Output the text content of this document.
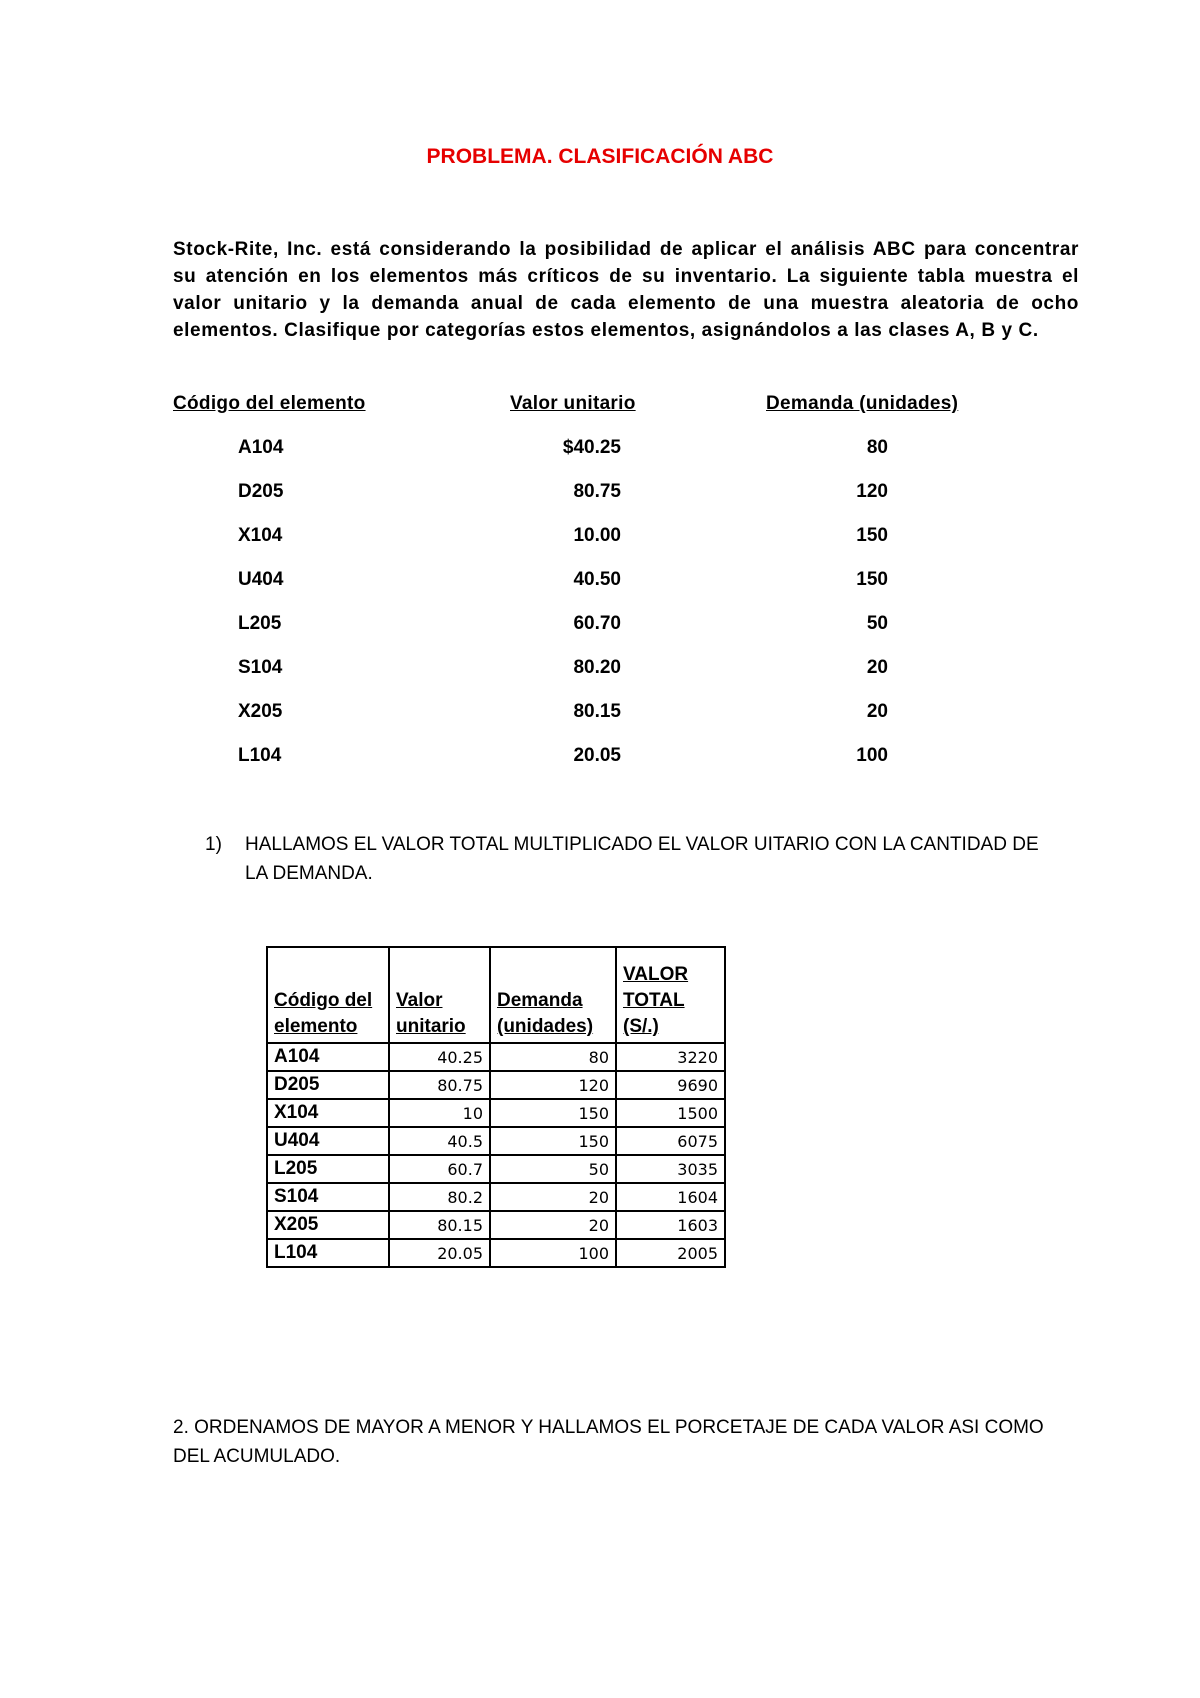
PROBLEMA. CLASIFICACIÓN ABC
Stock-Rite, Inc. está considerando la posibilidad de aplicar el análisis ABC para concentrar su atención en los elementos más críticos de su inventario. La siguiente tabla muestra el valor unitario y la demanda anual de cada elemento de una muestra aleatoria de ocho elementos. Clasifique por categorías estos elementos, asignándolos a las clases A, B y C.
Código del elemento	Valor unitario	Demanda (unidades)
A104	$40.25	80
D205	80.75	120
X104	10.00	150
U404	40.50	150
L205	60.70	50
S104	80.20	20
X205	80.15	20
L104	20.05	100
1) HALLAMOS EL VALOR TOTAL MULTIPLICADO EL VALOR UITARIO CON LA CANTIDAD DE LA DEMANDA.
Código del elemento	Valor unitario	Demanda (unidades)	VALOR TOTAL (S/.)
A104	40.25	80	3220
D205	80.75	120	9690
X104	10	150	1500
U404	40.5	150	6075
L205	60.7	50	3035
S104	80.2	20	1604
X205	80.15	20	1603
L104	20.05	100	2005
2. ORDENAMOS DE MAYOR A MENOR Y HALLAMOS EL PORCETAJE DE CADA VALOR ASI COMO DEL ACUMULADO.
